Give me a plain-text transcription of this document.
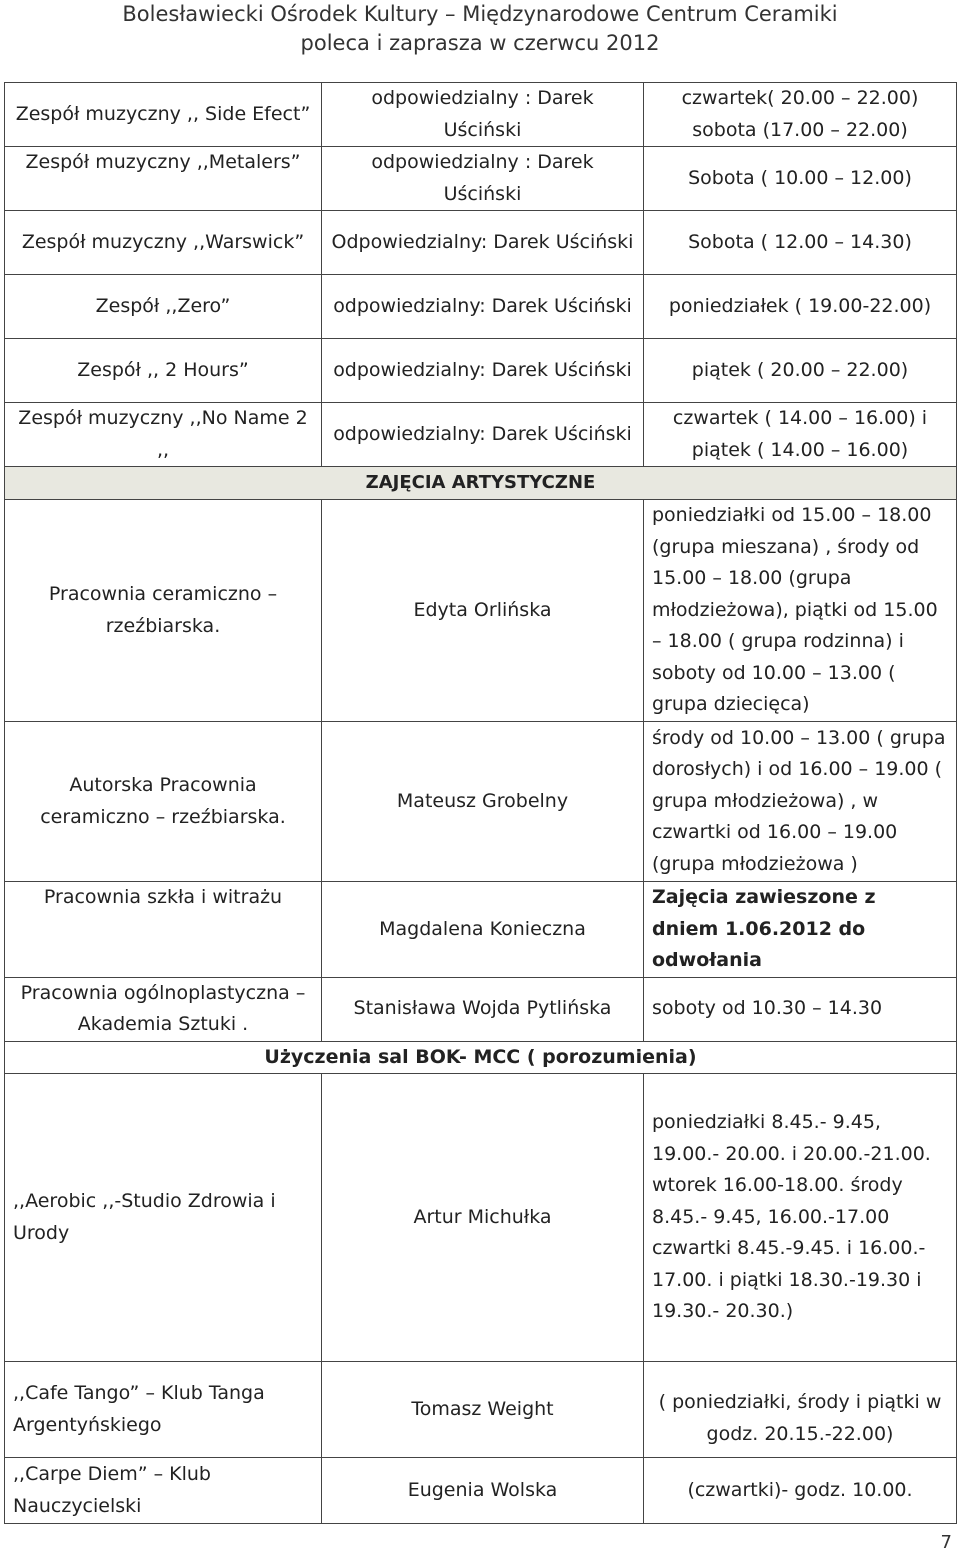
Bolesławiecki Ośrodek Kultury – Międzynarodowe Centrum Ceramiki
poleca i zaprasza w czerwcu 2012
Zespół muzyczny ,, Side Efect”	odpowiedzialny : Darek Uściński	czwartek( 20.00 – 22.00) sobota (17.00 – 22.00)
Zespół muzyczny ,,Metalers”	odpowiedzialny : Darek Uściński	Sobota ( 10.00 – 12.00)
Zespół muzyczny ,,Warswick”	Odpowiedzialny: Darek Uściński	Sobota ( 12.00 – 14.30)
Zespół ,,Zero”	odpowiedzialny: Darek Uściński	poniedziałek ( 19.00-22.00)
Zespół ,, 2 Hours”	odpowiedzialny: Darek Uściński	piątek ( 20.00 – 22.00)
Zespół muzyczny ,,No Name 2 ,,	odpowiedzialny: Darek Uściński	czwartek ( 14.00 – 16.00) i piątek ( 14.00 – 16.00)
ZAJĘCIA ARTYSTYCZNE		
Pracownia ceramiczno – rzeźbiarska.	Edyta Orlińska	poniedziałki od 15.00 – 18.00 (grupa mieszana) , środy od 15.00 – 18.00 (grupa młodzieżowa), piątki od 15.00 – 18.00 ( grupa rodzinna) i soboty od 10.00 – 13.00 ( grupa dziecięca)
Autorska Pracownia ceramiczno – rzeźbiarska.	Mateusz Grobelny	środy od 10.00 – 13.00 ( grupa dorosłych) i od 16.00 – 19.00 ( grupa młodzieżowa) , w czwartki od 16.00 – 19.00 (grupa młodzieżowa )
Pracownia szkła i witrażu	Magdalena Konieczna	Zajęcia zawieszone z dniem 1.06.2012 do odwołania
Pracownia ogólnoplastyczna – Akademia Sztuki .	Stanisława Wojda Pytlińska	soboty od 10.30 – 14.30
Użyczenia sal BOK- MCC ( porozumienia)		
,,Aerobic ,,-Studio Zdrowia i Urody	Artur Michułka	poniedziałki 8.45.- 9.45, 19.00.- 20.00. i 20.00.-21.00. wtorek 16.00-18.00. środy 8.45.- 9.45, 16.00.-17.00 czwartki 8.45.-9.45. i 16.00.- 17.00. i piątki 18.30.-19.30 i 19.30.- 20.30.)
,,Cafe Tango” – Klub Tanga Argentyńskiego	Tomasz Weight	( poniedziałki, środy i piątki w godz. 20.15.-22.00)
,,Carpe Diem” – Klub Nauczycielski	Eugenia Wolska	(czwartki)- godz. 10.00.
7
